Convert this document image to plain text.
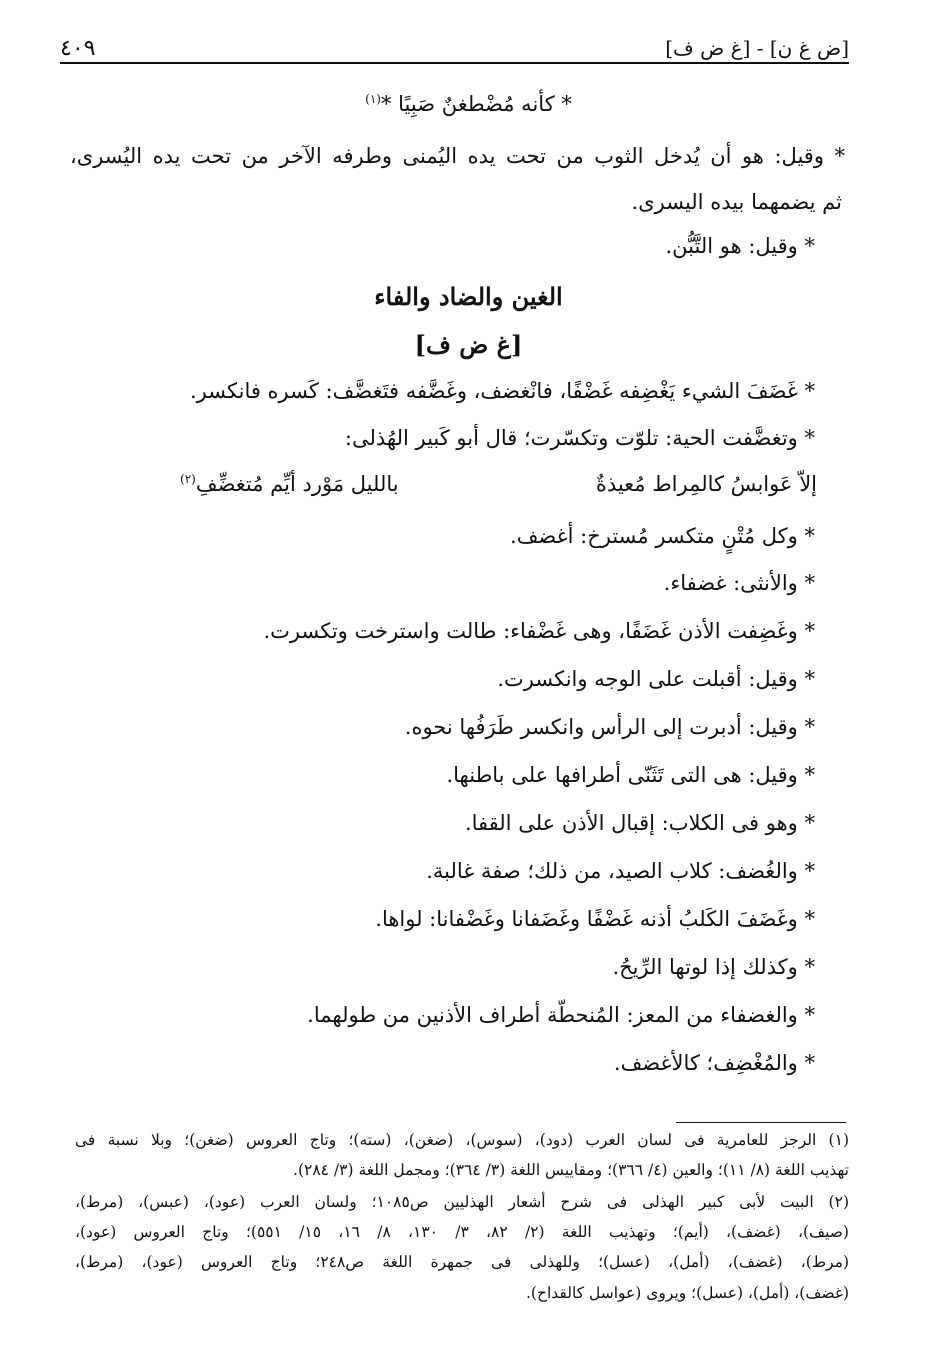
[ض غ ن] - [غ ض ف]
٤٠٩
* كأنه مُضْطغنٌ صَبِيًا *$^{(١)}$
* وقيل: هو أن يُدخل الثوب من تحت يده اليُمنى وطرفه الآخر من تحت يده اليُسرى،
ثم يضمهما بيده اليسرى.
* وقيل: هو التَّبُّن.
الغين والضاد والفاء
[غ ض ف]
* غَضَفَ الشيء يَغْضِفه غَضْفًا، فانْغضف، وغَضَّفه فتَغضَّف: كَسره فانكسر.
* وتغضَّفت الحية: تلوّت وتكسّرت؛ قال أبو كَبير الهُذلى:
إلاّ عَوابسُ كالمِراط مُعيذةٌ
بالليل مَوْرد أيِّم مُتغضِّفِ$^{(٢)}$
* وكل مُتْنٍ متكسر مُسترخ: أغضف.
* والأنثى: غضفاء.
* وغَضِفت الأذن غَضَفًا، وهى غَضْفاء: طالت واسترخت وتكسرت.
* وقيل: أقبلت على الوجه وانكسرت.
* وقيل: أدبرت إلى الرأس وانكسر طَرَفُها نحوه.
* وقيل: هى التى تَثَنّى أطرافها على باطنها.
* وهو فى الكلاب: إقبال الأذن على القفا.
* والغُضف: كلاب الصيد، من ذلك؛ صفة غالبة.
* وغَضَفَ الكَلبُ أذنه غَضْفًا وغَضَفانا وغَضْفانا: لواها.
* وكذلك إذا لوتها الرِّيحُ.
* والغضفاء من المعز: المُنحطّة أطراف الأذنين من طولهما.
* والمُغْضِف؛ كالأغضف.
(١) الرجز للعامرية فى لسان العرب (دود)، (سوس)، (ضغن)، (سته)؛ وتاج العروس (ضغن)؛ وبلا نسبة فى
تهذيب اللغة (٨/ ١١)؛ والعين (٤/ ٣٦٦)؛ ومقاييس اللغة (٣/ ٣٦٤)؛ ومجمل اللغة (٣/ ٢٨٤).
(٢) البيت لأبى كبير الهذلى فى شرح أشعار الهذليين ص١٠٨٥؛ ولسان العرب (عود)، (عبس)، (مرط)،
(صيف)، (غضف)، (أيم)؛ وتهذيب اللغة (٢/ ٨٢، ٣/ ١٣٠، ٨/ ١٦، ١٥/ ٥٥١)؛ وتاج العروس (عود)،
(مرط)، (غضف)، (أمل)، (عسل)؛ وللهذلى فى جمهرة اللغة ص٢٤٨؛ وتاج العروس (عود)، (مرط)،
(غضف)، (أمل)، (عسل)؛ ويروى (عواسل كالقداح).
